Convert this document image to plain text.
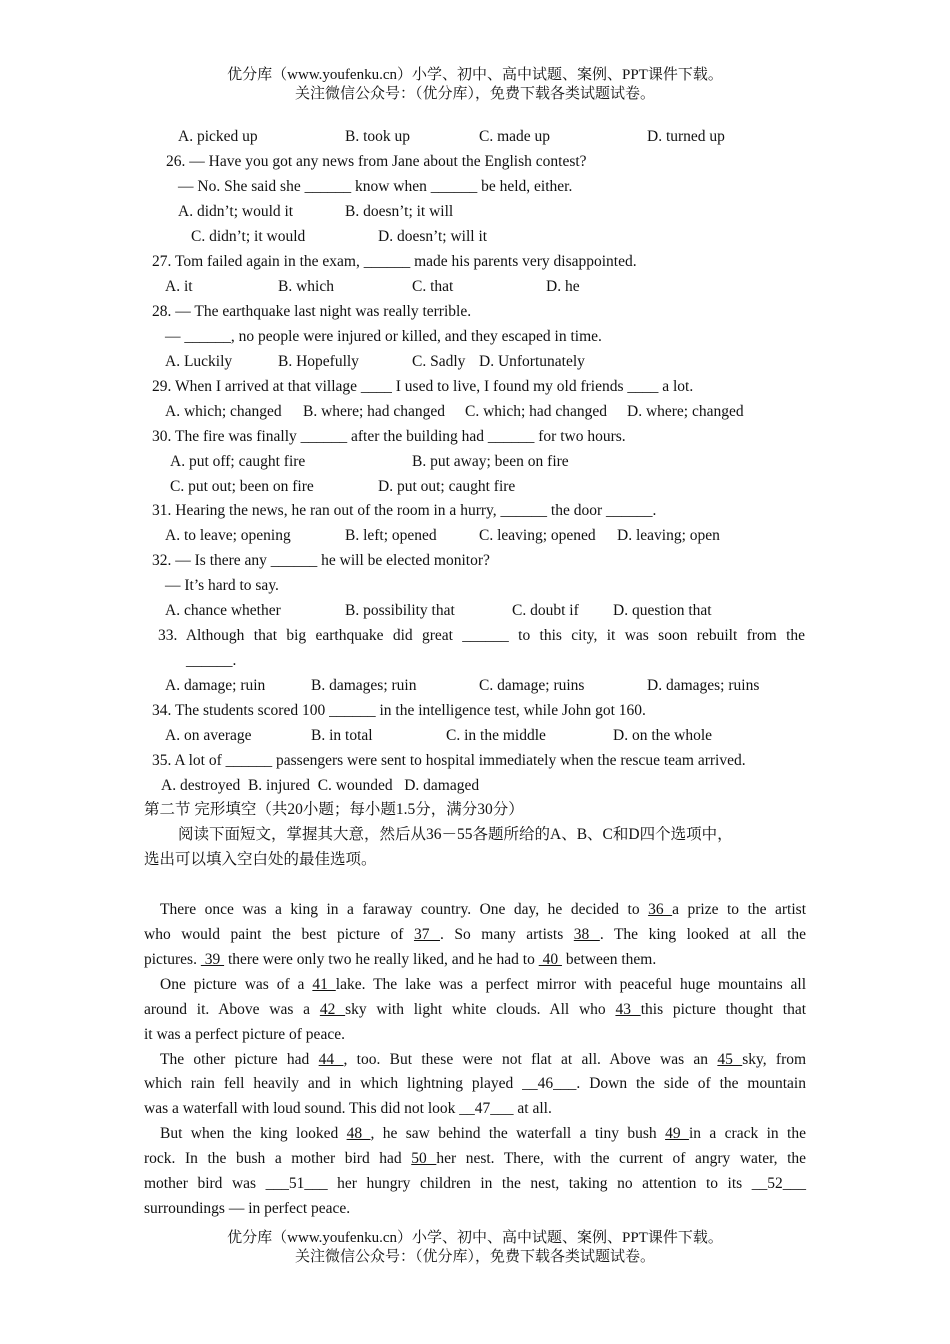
优分库（www.youfenku.cn）小学、初中、高中试题、案例、PPT课件下载。
关注微信公众号：（优分库），免费下载各类试题试卷。
A. picked up	B. took up	C. made up	D. turned up
26. — Have you got any news from Jane about the English contest?
— No. She said she ______ know when ______ be held, either.
A. didn’t; would it	B. doesn’t; it will
C. didn’t; it would	D. doesn’t; will it
27. Tom failed again in the exam, ______ made his parents very disappointed.
A. it	B. which	C. that	D. he
28. — The earthquake last night was really terrible.
— ______, no people were injured or killed, and they escaped in time.
A. Luckily	B. Hopefully	C. Sadly D. Unfortunately
29. When I arrived at that village ____ I used to live, I found my old friends ____ a lot.
A. which; changed B. where; had changed C. which; had changed D. where; changed
30. The fire was finally ______ after the building had ______ for two hours.
A. put off; caught fire	B. put away; been on fire
C. put out; been on fire	D. put out; caught fire
31. Hearing the news, he ran out of the room in a hurry, ______ the door ______.
A. to leave; opening	B. left; opened	C. leaving; opened D. leaving; open
32. — Is there any ______ he will be elected monitor?
— It’s hard to say.
A. chance whether	B. possibility that	C. doubt if D. question that
33. Although that big earthquake did great ______ to this city, it was soon rebuilt from the
______.
A. damage; ruin	B. damages; ruin	C. damage; ruins	D. damages; ruins
34. The students scored 100 ______ in the intelligence test, while John got 160.
A. on average	B. in total	C. in the middle	D. on the whole
35. A lot of ______ passengers were sent to hospital immediately when the rescue team arrived.
A. destroyed  B. injured  C. wounded   D. damaged
第二节 完形填空（共20小题；每小题1.5分，满分30分）
阅读下面短文，掌握其大意，然后从36－55各题所给的A、B、C和D四个选项中，
选出可以填入空白处的最佳选项。
There once was a king in a faraway country. One day, he decided to 36 a prize to the artist
who would paint the best picture of 37 . So many artists 38 . The king looked at all the
pictures.  39  there were only two he really liked, and he had to  40  between them.
One picture was of a 41 lake. The lake was a perfect mirror with peaceful huge mountains all
around it. Above was a 42 sky with light white clouds. All who 43 this picture thought that
it was a perfect picture of peace.
The other picture had 44 , too. But these were not flat at all. Above was an 45 sky, from
which rain fell heavily and in which lightning played __46___. Down the side of the mountain
was a waterfall with loud sound. This did not look __47___ at all.
But when the king looked 48 , he saw behind the waterfall a tiny bush 49 in a crack in the
rock. In the bush a mother bird had 50 her nest. There, with the current of angry water, the
mother bird was ___51___ her hungry children in the nest, taking no attention to its __52___
surroundings — in perfect peace.
优分库（www.youfenku.cn）小学、初中、高中试题、案例、PPT课件下载。
关注微信公众号：（优分库），免费下载各类试题试卷。
